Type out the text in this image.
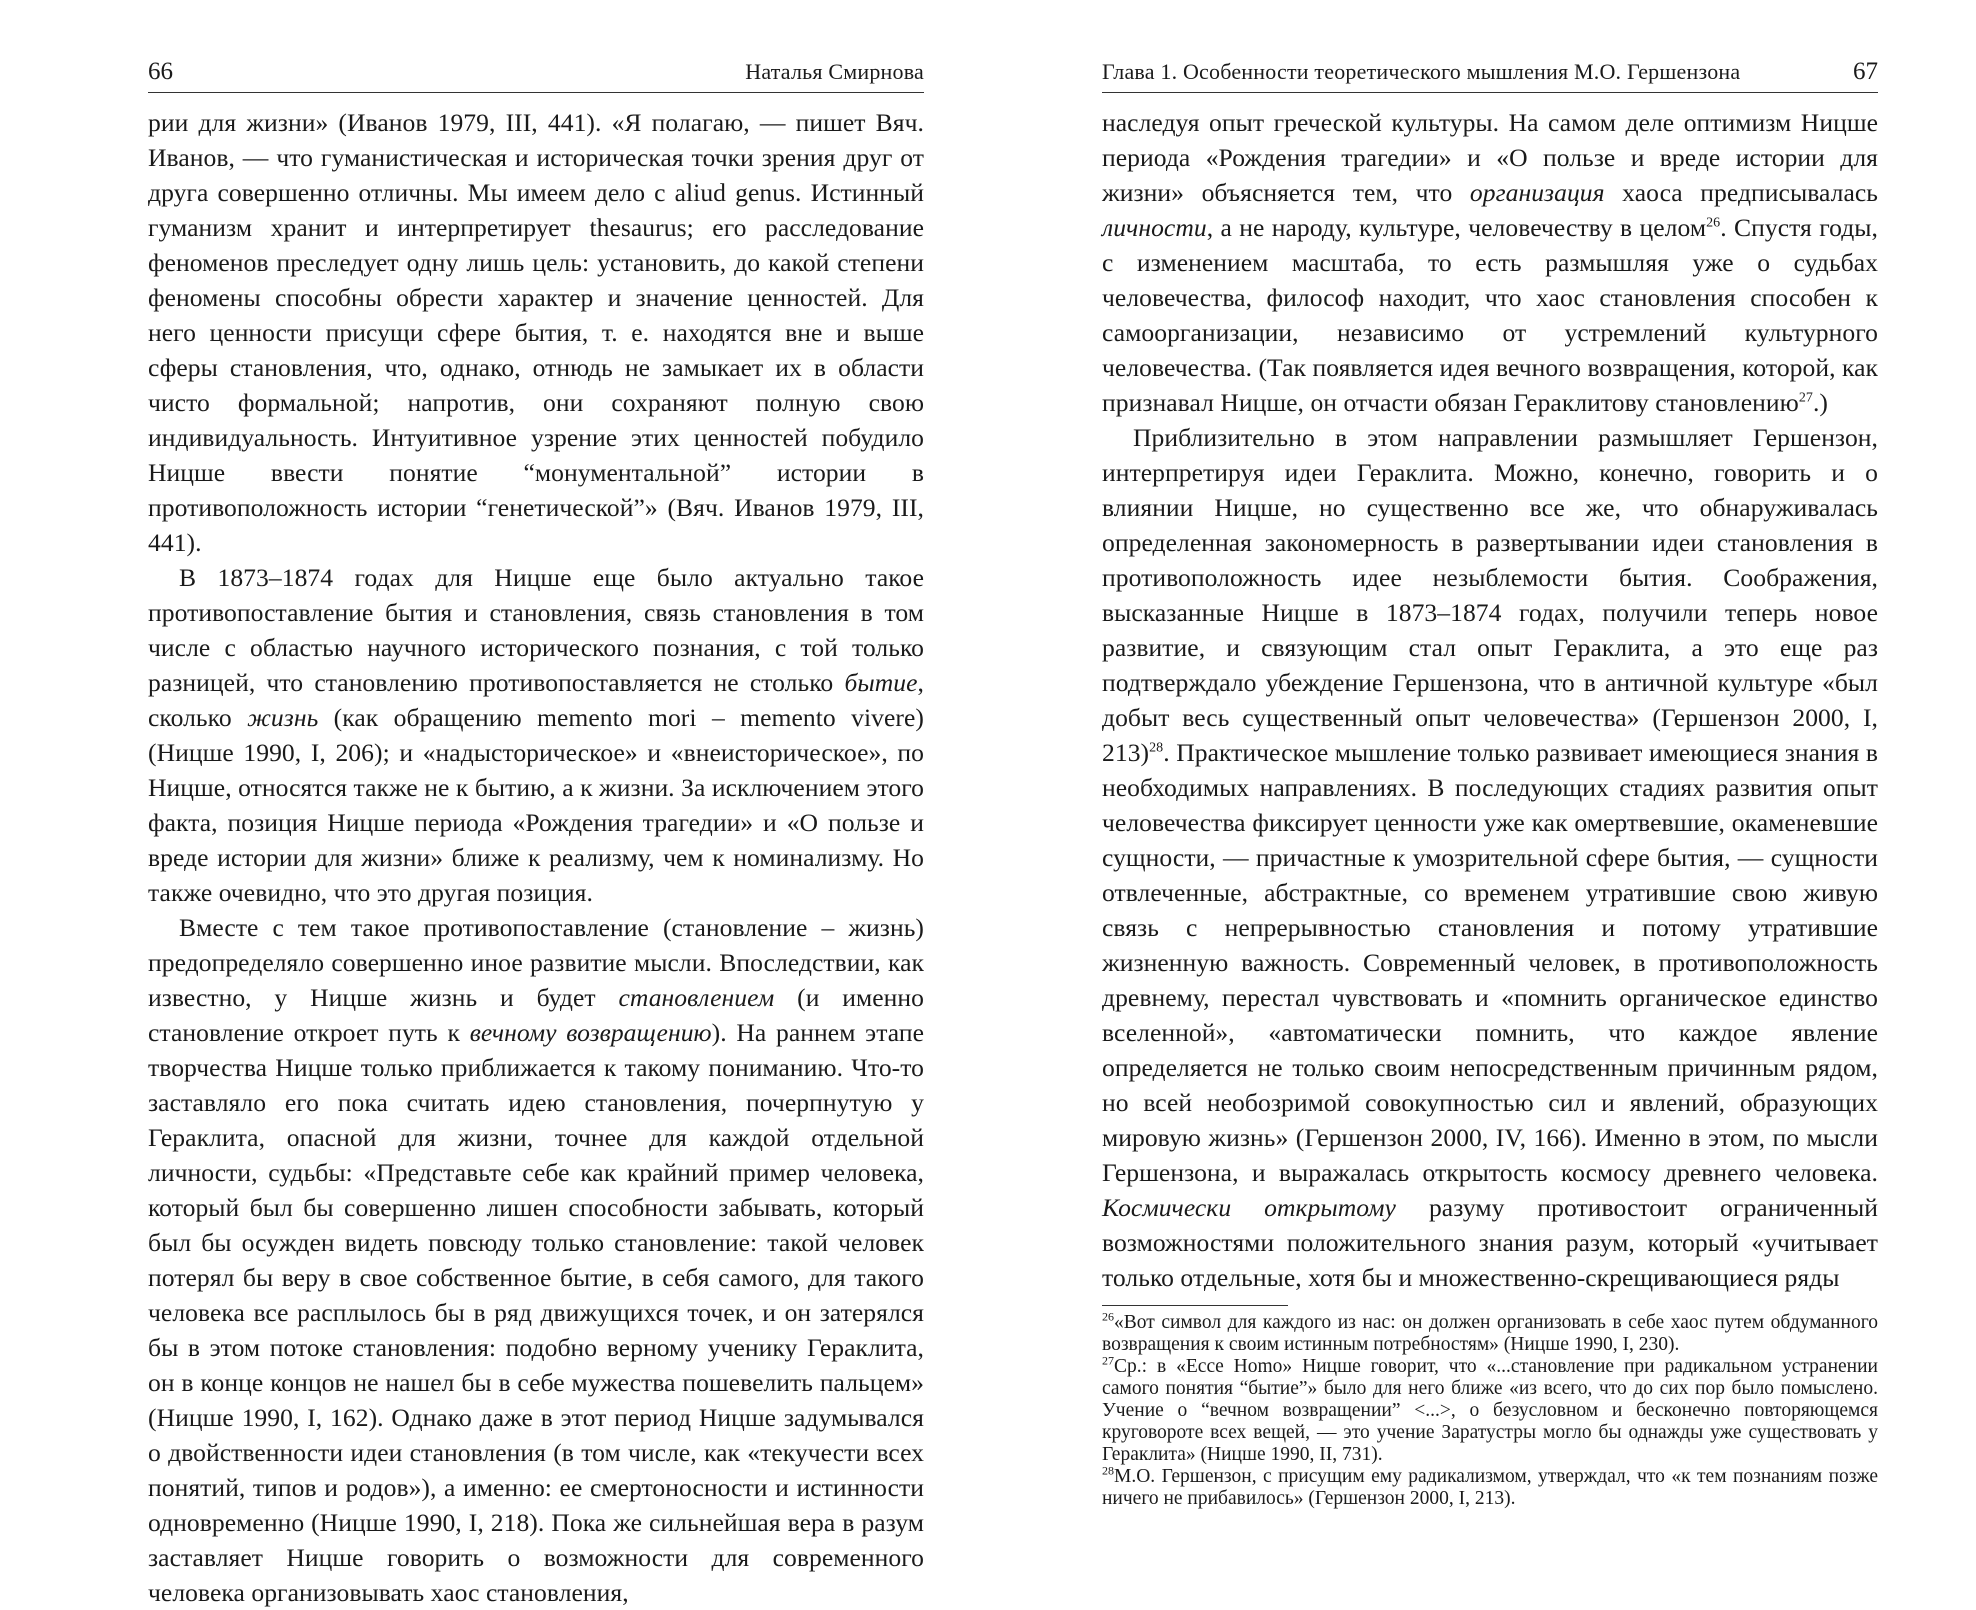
66	Наталья Смирнова

рии для жизни» (Иванов 1979, III, 441). «Я полагаю, — пишет Вяч. Иванов, — что гуманистическая и историческая точки зрения друг от друга совершенно отличны. Мы имеем дело с aliud genus. Истинный гуманизм хранит и интерпретирует thesaurus; его расследование феноменов преследует одну лишь цель: установить, до какой степени феномены способны обрести характер и значение ценностей. Для него ценности присущи сфере бытия, т. е. находятся вне и выше сферы становления, что, однако, отнюдь не замыкает их в области чисто формальной; напротив, они сохраняют полную свою индивидуальность. Интуитивное узрение этих ценностей побудило Ницше ввести понятие “монументальной” истории в противоположность истории “генетической”» (Вяч. Иванов 1979, III, 441).

В 1873–1874 годах для Ницше еще было актуально такое противопоставление бытия и становления, связь становления в том числе с областью научного исторического познания, с той только разницей, что становлению противопоставляется не столько бытие, сколько жизнь (как обращению memento mori – memento vivere) (Ницше 1990, I, 206); и «надысторическое» и «внеисторическое», по Ницше, относятся также не к бытию, а к жизни. За исключением этого факта, позиция Ницше периода «Рождения трагедии» и «О пользе и вреде истории для жизни» ближе к реализму, чем к номинализму. Но также очевидно, что это другая позиция.

Вместе с тем такое противопоставление (становление – жизнь) предопределяло совершенно иное развитие мысли. Впоследствии, как известно, у Ницше жизнь и будет становлением (и именно становление откроет путь к вечному возвращению). На раннем этапе творчества Ницше только приближается к такому пониманию. Что-то заставляло его пока считать идею становления, почерпнутую у Гераклита, опасной для жизни, точнее для каждой отдельной личности, судьбы: «Представьте себе как крайний пример человека, который был бы совершенно лишен способности забывать, который был бы осужден видеть повсюду только становление: такой человек потерял бы веру в свое собственное бытие, в себя самого, для такого человека все расплылось бы в ряд движущихся точек, и он затерялся бы в этом потоке становления: подобно верному ученику Гераклита, он в конце концов не нашел бы в себе мужества пошевелить пальцем» (Ницше 1990, I, 162). Однако даже в этот период Ницше задумывался о двойственности идеи становления (в том числе, как «текучести всех понятий, типов и родов»), а именно: ее смертоносности и истинности одновременно (Ницше 1990, I, 218). Пока же сильнейшая вера в разум заставляет Ницше говорить о возможности для современного человека организовывать хаос становления,

Глава 1. Особенности теоретического мышления М.О. Гершензона	67

наследуя опыт греческой культуры. На самом деле оптимизм Ницше периода «Рождения трагедии» и «О пользе и вреде истории для жизни» объясняется тем, что организация хаоса предписывалась личности, а не народу, культуре, человечеству в целом$^{26}$. Спустя годы, с изменением масштаба, то есть размышляя уже о судьбах человечества, философ находит, что хаос становления способен к самоорганизации, независимо от устремлений культурного человечества. (Так появляется идея вечного возвращения, которой, как признавал Ницше, он отчасти обязан Гераклитову становлению$^{27}$.)

Приблизительно в этом направлении размышляет Гершензон, интерпретируя идеи Гераклита. Можно, конечно, говорить и о влиянии Ницше, но существенно все же, что обнаруживалась определенная закономерность в развертывании идеи становления в противоположность идее незыблемости бытия. Соображения, высказанные Ницше в 1873–1874 годах, получили теперь новое развитие, и связующим стал опыт Гераклита, а это еще раз подтверждало убеждение Гершензона, что в античной культуре «был добыт весь существенный опыт человечества» (Гершензон 2000, I, 213)$^{28}$. Практическое мышление только развивает имеющиеся знания в необходимых направлениях. В последующих стадиях развития опыт человечества фиксирует ценности уже как омертвевшие, окаменевшие сущности, — причастные к умозрительной сфере бытия, — сущности отвлеченные, абстрактные, со временем утратившие свою живую связь с непрерывностью становления и потому утратившие жизненную важность. Современный человек, в противоположность древнему, перестал чувствовать и «помнить органическое единство вселенной», «автоматически помнить, что каждое явление определяется не только своим непосредственным причинным рядом, но всей необозримой совокупностью сил и явлений, образующих мировую жизнь» (Гершензон 2000, IV, 166). Именно в этом, по мысли Гершензона, и выражалась открытость космосу древнего человека. Космически открытому разуму противостоит ограниченный возможностями положительного знания разум, который «учитывает только отдельные, хотя бы и множественно-скрещивающиеся ряды

$^{26}$«Вот символ для каждого из нас: он должен организовать в себе хаос путем обдуманного возвращения к своим истинным потребностям» (Ницше 1990, I, 230).
$^{27}$Ср.: в «Ecce Homo» Ницше говорит, что «...становление при радикальном устранении самого понятия “бытие”» было для него ближе «из всего, что до сих пор было помыслено. Учение о “вечном возвращении” <...>, о безусловном и бесконечно повторяющемся круговороте всех вещей, — это учение Заратустры могло бы однажды уже существовать у Гераклита» (Ницше 1990, II, 731).
$^{28}$М.О. Гершензон, с присущим ему радикализмом, утверждал, что «к тем познаниям позже ничего не прибавилось» (Гершензон 2000, I, 213).
